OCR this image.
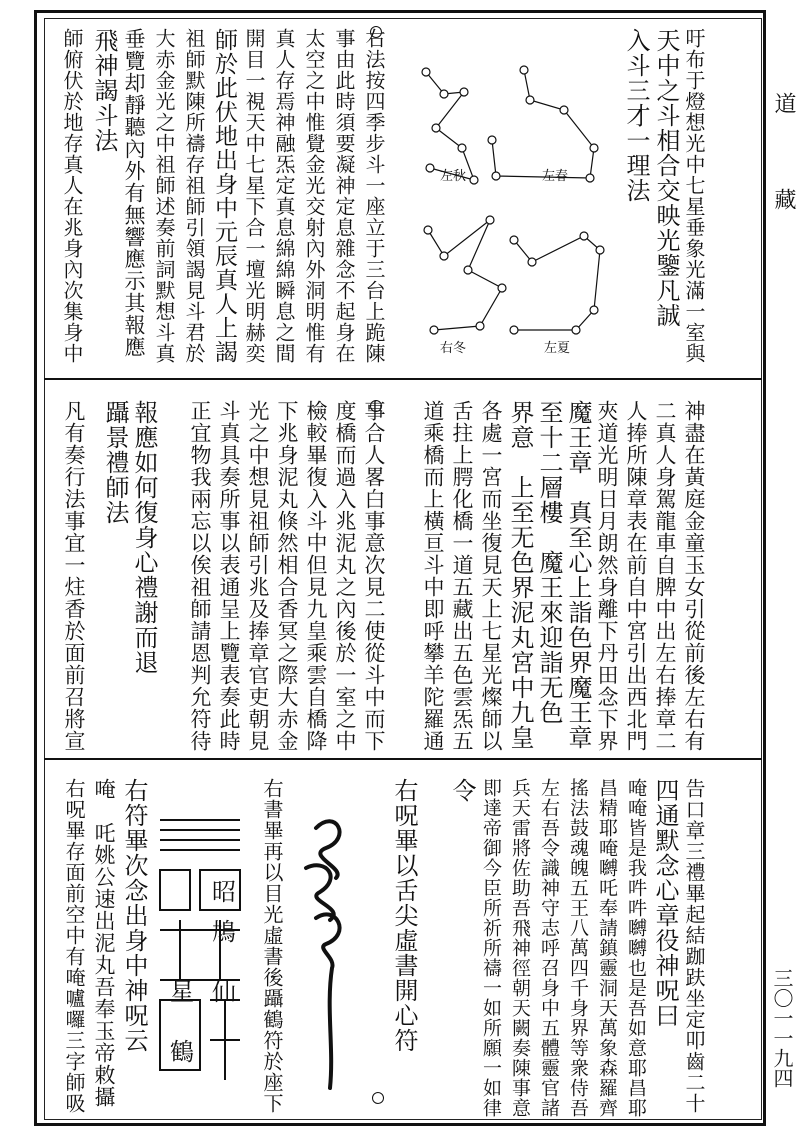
道
藏
三〇一一九四
吁布于燈想光中七星垂象光滿一室與
天中之斗相合交映光鑒凡誠
入斗三才一理法
左春
左秋
左夏
右冬
右法按四季步斗一座立于三台上跪陳
事由此時須要凝神定息雜念不起身在
太空之中惟覺金光交射內外洞明惟有
真人存焉神融炁定真息綿綿瞬息之間
開目一視天中七星下合一壇光明赫奕
師於此伏地出身中元辰真人上謁
祖師默陳所禱存祖師引領謁見斗君於
大赤金光之中祖師述奏前詞默想斗真
垂覽却靜聽內外有無響應示其報應
飛神謁斗法
師俯伏於地存真人在兆身內次集身中
神盡在黃庭金童玉女引從前後左右有
二真人身駕龍車自脾中出左右捧章二
人捧所陳章表在前自中宮引出西北門
夾道光明日月朗然身離下丹田念下界
魔王章　真至心上詣色界魔王章
至十二層樓　魔王來迎詣无色
界意　上至无色界泥丸宮中九皇
各處一宮而坐復見天上七星光燦師以
舌拄上腭化橋一道五藏出五色雲炁五
道乘橋而上橫亘斗中即呼攀羊陀羅通
事合人畧白事意次見二使從斗中而下
度橋而過入兆泥丸之內後於一室之中
檢較畢復入斗中但見九皇乘雲自橋降
下兆身泥丸倏然相合香冥之際大赤金
光之中想見祖師引兆及捧章官吏朝見
斗真具奏所事以表通呈上覽表奏此時
正宜物我兩忘以俟祖師請恩判允符待
報應如何復身心禮謝而退
躡景禮師法
凡有奏行法事宜一炷香於面前召將宣
告口章三禮畢起結跏趺坐定叩齒二十
四通默念心章役神呪曰
唵唵皆是我吽吽嚩嚩也是吾如意耶昌耶
昌精耶唵嚩吒奉請鎮靈洞天萬象森羅齊
搖法鼓魂魄五王八萬四千身界等衆侍吾
左右吾令識神守志呼召身中五體靈官諸
兵天雷將佐助吾飛神徑朝天闕奏陳事意
即達帝御今臣所祈所禱一如所願一如律
令
右呪畢以舌尖虛書開心符
昭
鳩
仙
星
鶴	右書畢再以目光虛書後躡鶴符於座下
右符畢次念出身中神呪云
唵　吒姚公速出泥丸吾奉玉帝敕攝
右呪畢存面前空中有唵嚧囉三字師吸
